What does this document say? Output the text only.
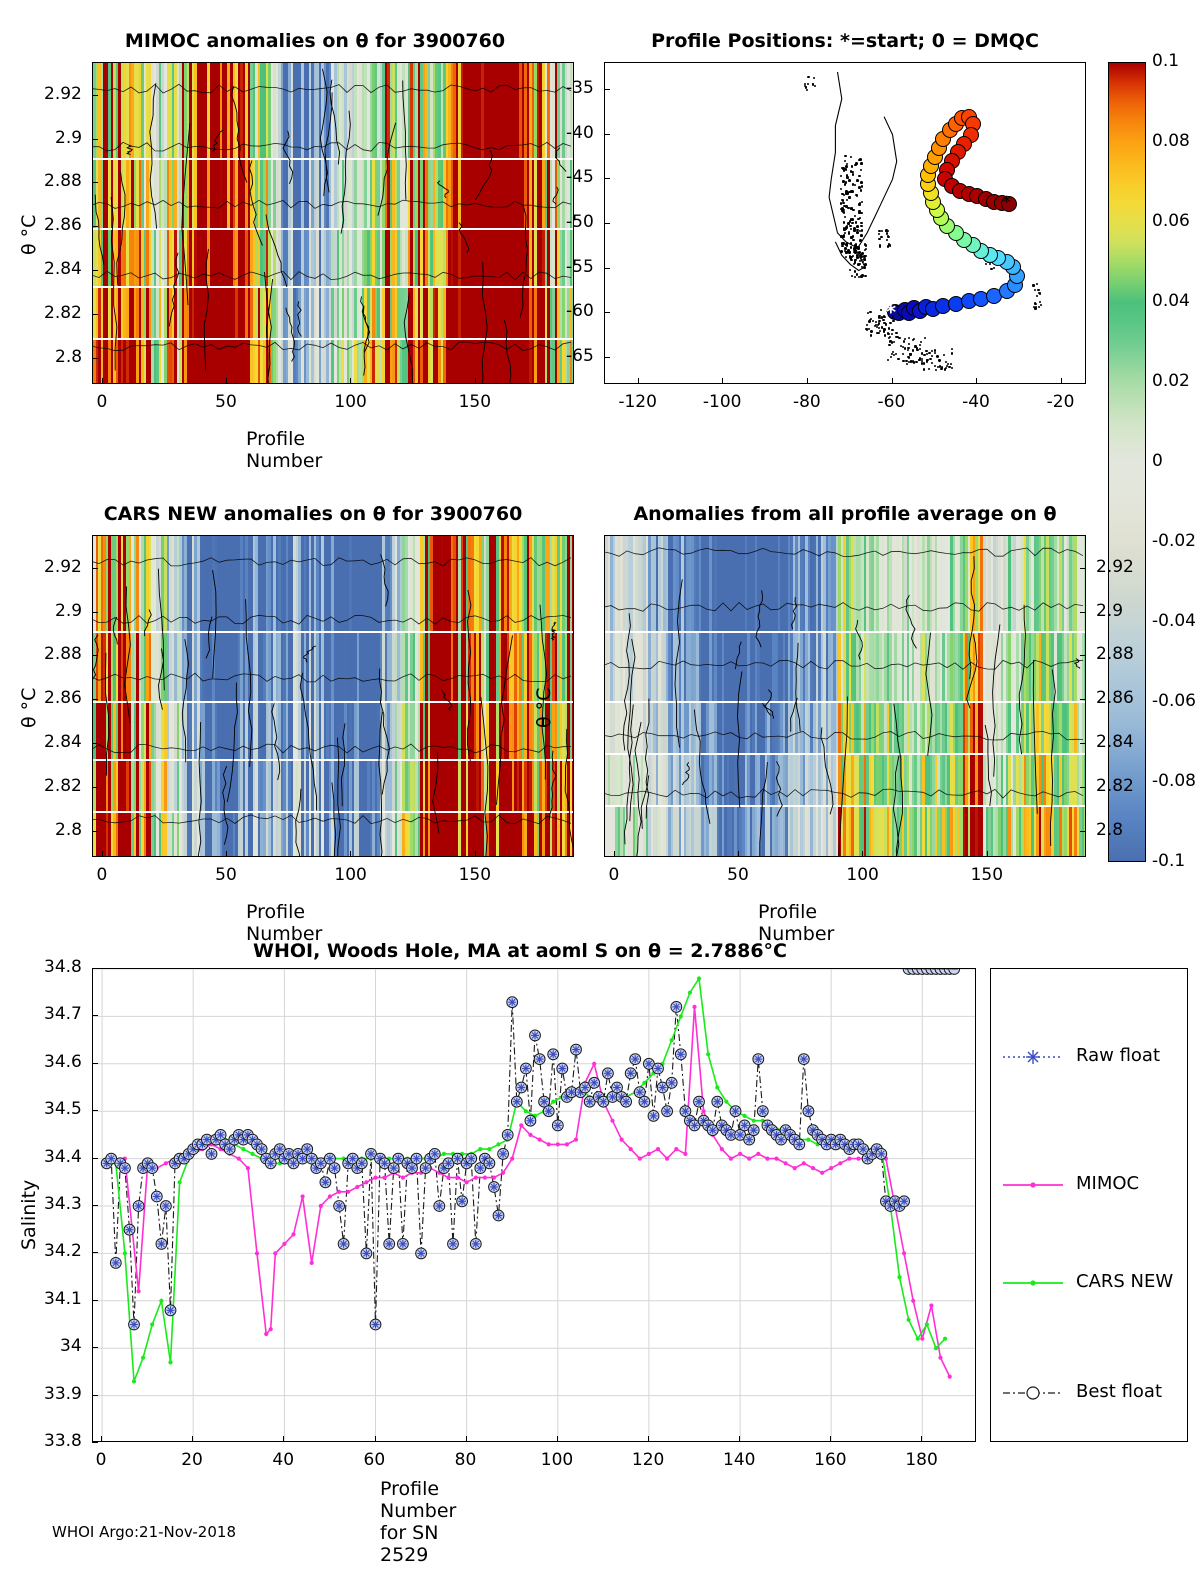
MIMOC anomalies on θ for 3900760
θ °C
Profile Number
0	50	100	150
2.8
2.82
2.84
2.86
2.88
2.9
2.92
Profile Positions: *=start; 0 = DMQC
*
*
-120	-100	-80	-60	-40	-20
-35
-40
-45
-50
-55
-60
-65
0.1
0.08
0.06
0.04
0.02
0
-0.02
-0.04
-0.06
-0.08
-0.1
CARS NEW anomalies on θ for 3900760
θ °C
Profile Number
0	50	100	150
2.8
2.82
2.84
2.86
2.88
2.9
2.92
Anomalies from all profile average on θ
θ °C
Profile Number
0	50	100	150
2.8
2.82
2.84
2.86
2.88
2.9
2.92
WHOI, Woods Hole, MA at aoml S on θ = 2.7886°C
Salinity
Profile Number for SN 2529
0	20	40	60	80	100	120	140	160	180
33.8
33.9
34
34.1
34.2
34.3
34.4
34.5
34.6
34.7
34.8
Raw float
MIMOC
CARS NEW
Best float
WHOI Argo:21-Nov-2018
